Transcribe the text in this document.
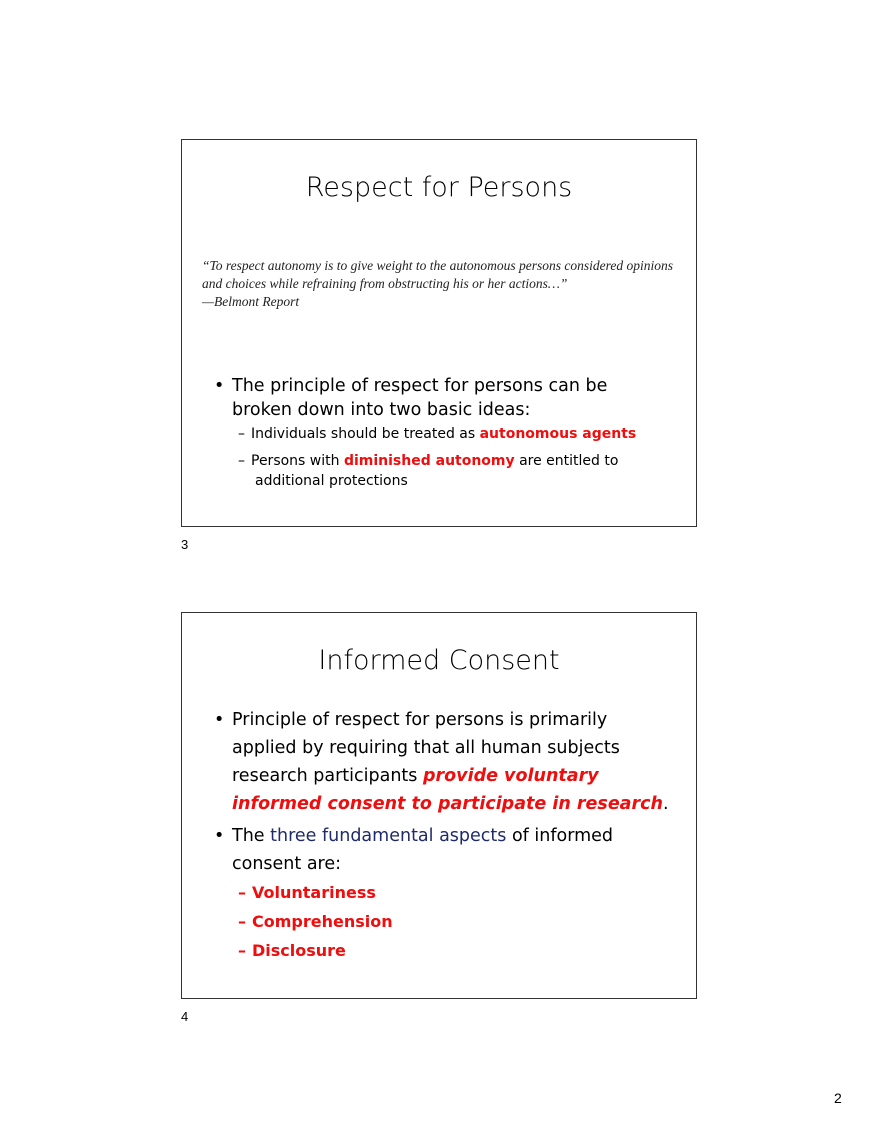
Respect for Persons
“To respect autonomy is to give weight to the autonomous persons considered opinions
and choices while refraining from obstructing his or her actions…”
—Belmont Report
• The principle of respect for persons can be
broken down into two basic ideas:
– Individuals should be treated as autonomous agents
– Persons with diminished autonomy are entitled to
additional protections
3
Informed Consent
• Principle of respect for persons is primarily
applied by requiring that all human subjects
research participants provide voluntary
informed consent to participate in research.
• The three fundamental aspects of informed
consent are:
– Voluntariness
– Comprehension
– Disclosure
4
2
